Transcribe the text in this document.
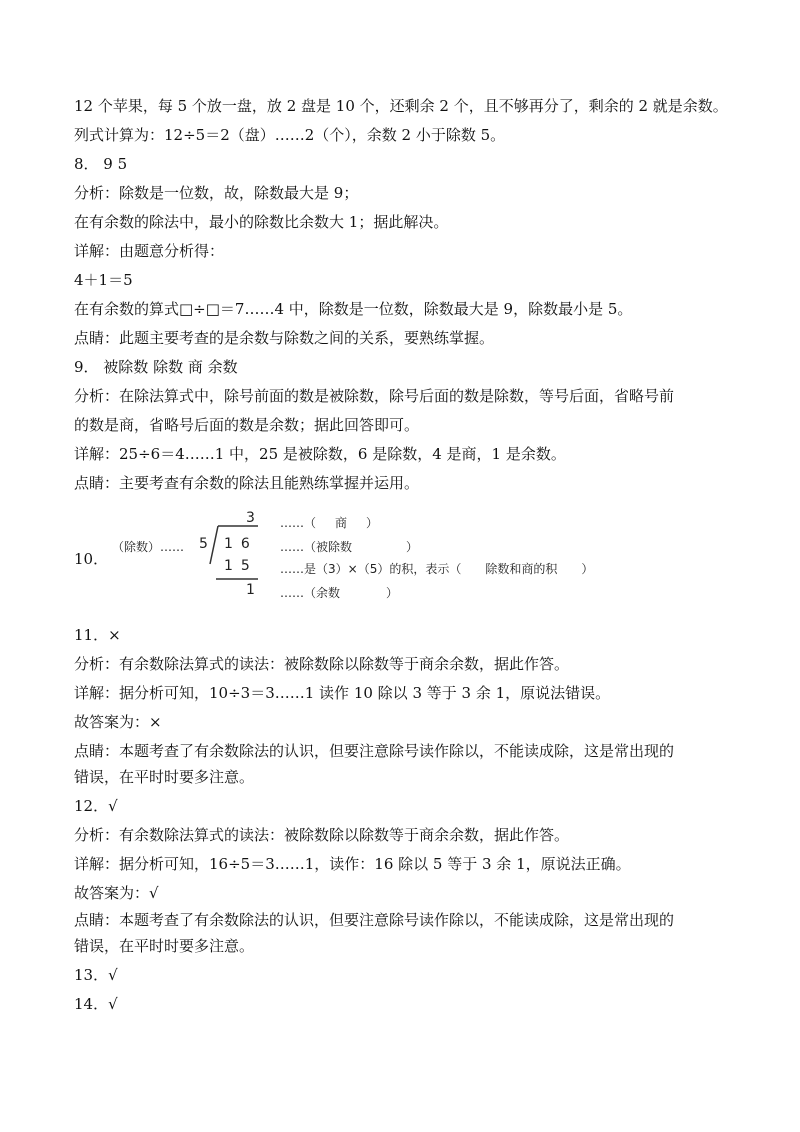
12 个苹果，每 5 个放一盘，放 2 盘是 10 个，还剩余 2 个，且不够再分了，剩余的 2 就是余数。
列式计算为：12÷5＝2（盘）……2（个），余数 2 小于除数 5。
8． 9 5
分析：除数是一位数，故，除数最大是 9；
在有余数的除法中，最小的除数比余数大 1；据此解决。
详解：由题意分析得：
4＋1＝5
在有余数的算式□÷□＝7……4 中，除数是一位数，除数最大是 9，除数最小是 5。
点睛：此题主要考查的是余数与除数之间的关系，要熟练掌握。
9． 被除数 除数 商 余数
分析：在除法算式中，除号前面的数是被除数，除号后面的数是除数，等号后面，省略号前
的数是商，省略号后面的数是余数；据此回答即可。
详解：25÷6＝4……1 中，25 是被除数，6 是除数，4 是商，1 是余数。
点睛：主要考查有余数的除法且能熟练掌握并运用。
10．
（除数）…… 5
3
16
15
1
……（ 商 ）
……（被除数	）
……是（3）×（5）的积，表示（ 除数和商的积 ）
……（余数	）
11．×
分析：有余数除法算式的读法：被除数除以除数等于商余余数，据此作答。
详解：据分析可知，10÷3＝3……1 读作 10 除以 3 等于 3 余 1，原说法错误。
故答案为：×
点睛：本题考查了有余数除法的认识，但要注意除号读作除以，不能读成除，这是常出现的
错误，在平时时要多注意。
12．√
分析：有余数除法算式的读法：被除数除以除数等于商余余数，据此作答。
详解：据分析可知，16÷5＝3……1，读作：16 除以 5 等于 3 余 1，原说法正确。
故答案为：√
点睛：本题考查了有余数除法的认识，但要注意除号读作除以，不能读成除，这是常出现的
错误，在平时时要多注意。
13．√
14．√
